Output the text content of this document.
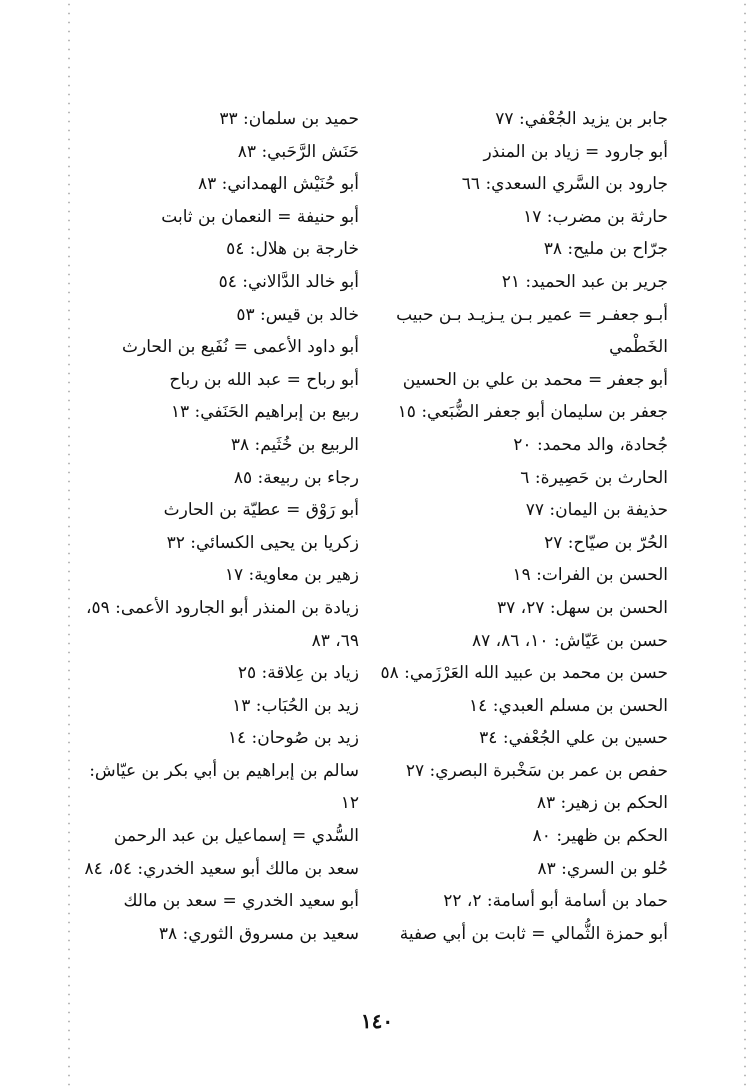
جابر بن يزيد الجُعْفي: ٧٧
أبو جارود = زياد بن المنذر
جارود بن السَّري السعدي: ٦٦
حارثة بن مضرب: ١٧
جرّاح بن مليح: ٣٨
جرير بن عبد الحميد: ٢١
أبـو جعفـر = عمير بـن يـزيـد بـن حبيب الخَطْمي
أبو جعفر = محمد بن علي بن الحسين
جعفر بن سليمان أبو جعفر الضُّبَعي: ١٥
جُحادة، والد محمد: ٢٠
الحارث بن حَصِيرة: ٦
حذيفة بن اليمان: ٧٧
الحُرّ بن صيّاح: ٢٧
الحسن بن الفرات: ١٩
الحسن بن سهل: ٢٧، ٣٧
حسن بن عَيّاش: ١٠، ٨٦، ٨٧
حسن بن محمد بن عبيد الله العَرْزَمي: ٥٨
الحسن بن مسلم العبدي: ١٤
حسين بن علي الجُعْفي: ٣٤
حفص بن عمر بن سَخْبرة البصري: ٢٧
الحكم بن زهير: ٨٣
الحكم بن ظهير: ٨٠
حُلو بن السري: ٨٣
حماد بن أسامة أبو أسامة: ٢، ٢٢
أبو حمزة الثُّمالي = ثابت بن أبي صفية
حميد بن سلمان: ٣٣
حَنَش الرَّحَبي: ٨٣
أبو حُنَيْش الهمداني: ٨٣
أبو حنيفة = النعمان بن ثابت
خارجة بن هلال: ٥٤
أبو خالد الدَّالاني: ٥٤
خالد بن قيس: ٥٣
أبو داود الأعمى = نُفَيع بن الحارث
أبو رباح = عبد الله بن رباح
ربيع بن إبراهيم الحَنَفي: ١٣
الربيع بن خُثَيم: ٣٨
رجاء بن ربيعة: ٨٥
أبو رَوْق = عطيّة بن الحارث
زكريا بن يحيى الكسائي: ٣٢
زهير بن معاوية: ١٧
زيادة بن المنذر أبو الجارود الأعمى: ٥٩، ٦٩، ٨٣
زياد بن عِلاقة: ٢٥
زيد بن الحُبَاب: ١٣
زيد بن صُوحان: ١٤
سالم بن إبراهيم بن أبي بكر بن عيّاش: ١٢
السُّدي = إسماعيل بن عبد الرحمن
سعد بن مالك أبو سعيد الخدري: ٥٤، ٨٤
أبو سعيد الخدري = سعد بن مالك
سعيد بن مسروق الثوري: ٣٨
١٤٠
